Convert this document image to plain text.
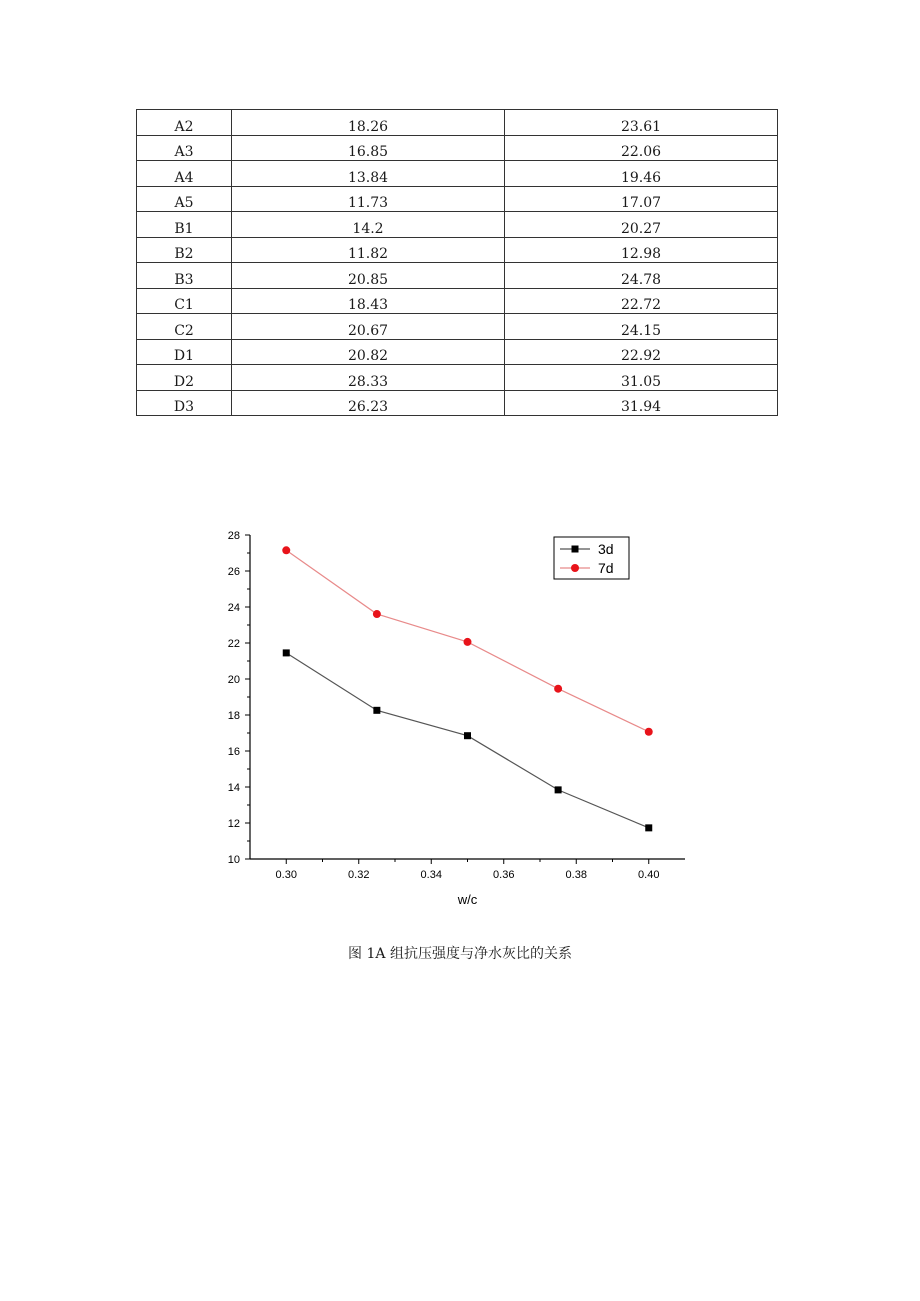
A2	18.26	23.61
A3	16.85	22.06
A4	13.84	19.46
A5	11.73	17.07
B1	14.2	20.27
B2	11.82	12.98
B3	20.85	24.78
C1	18.43	22.72
C2	20.67	24.15
D1	20.82	22.92
D2	28.33	31.05
D3	26.23	31.94
10
12
14
16
18
20
22
24
26
28
0.30	0.32	0.34	0.36	0.38	0.40
w/c
3d
7d
图 1A 组抗压强度与净水灰比的关系
